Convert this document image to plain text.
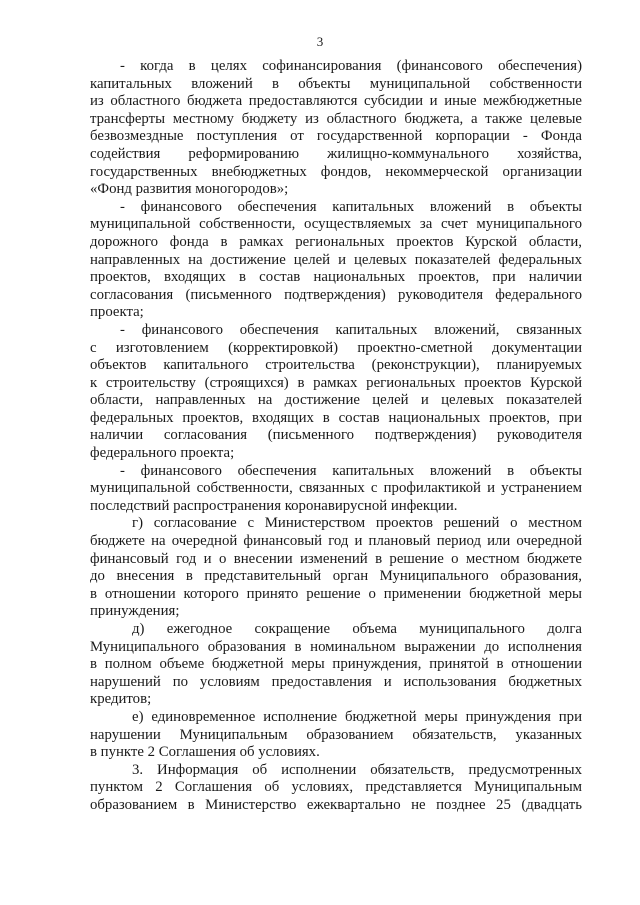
3
- когда в целях софинансирования (финансового обеспечения)
капитальных вложений в объекты муниципальной собственности
из областного бюджета предоставляются субсидии и иные межбюджетные
трансферты местному бюджету из областного бюджета, а также целевые
безвозмездные поступления от государственной корпорации - Фонда
содействия реформированию жилищно-коммунального хозяйства,
государственных внебюджетных фондов, некоммерческой организации
«Фонд развития моногородов»;
- финансового обеспечения капитальных вложений в объекты
муниципальной собственности, осуществляемых за счет муниципального
дорожного фонда в рамках региональных проектов Курской области,
направленных на достижение целей и целевых показателей федеральных
проектов, входящих в состав национальных проектов, при наличии
согласования (письменного подтверждения) руководителя федерального
проекта;
- финансового обеспечения капитальных вложений, связанных
с изготовлением (корректировкой) проектно-сметной документации
объектов капитального строительства (реконструкции), планируемых
к строительству (строящихся) в рамках региональных проектов Курской
области, направленных на достижение целей и целевых показателей
федеральных проектов, входящих в состав национальных проектов, при
наличии согласования (письменного подтверждения) руководителя
федерального проекта;
- финансового обеспечения капитальных вложений в объекты
муниципальной собственности, связанных с профилактикой и устранением
последствий распространения коронавирусной инфекции.
г) согласование с Министерством проектов решений о местном
бюджете на очередной финансовый год и плановый период или очередной
финансовый год и о внесении изменений в решение о местном бюджете
до внесения в представительный орган Муниципального образования,
в отношении которого принято решение о применении бюджетной меры
принуждения;
д) ежегодное сокращение объема муниципального долга
Муниципального образования в номинальном выражении до исполнения
в полном объеме бюджетной меры принуждения, принятой в отношении
нарушений по условиям предоставления и использования бюджетных
кредитов;
е) единовременное исполнение бюджетной меры принуждения при
нарушении Муниципальным образованием обязательств, указанных
в пункте 2 Соглашения об условиях.
3. Информация об исполнении обязательств, предусмотренных
пунктом 2 Соглашения об условиях, представляется Муниципальным
образованием в Министерство ежеквартально не позднее 25 (двадцать
